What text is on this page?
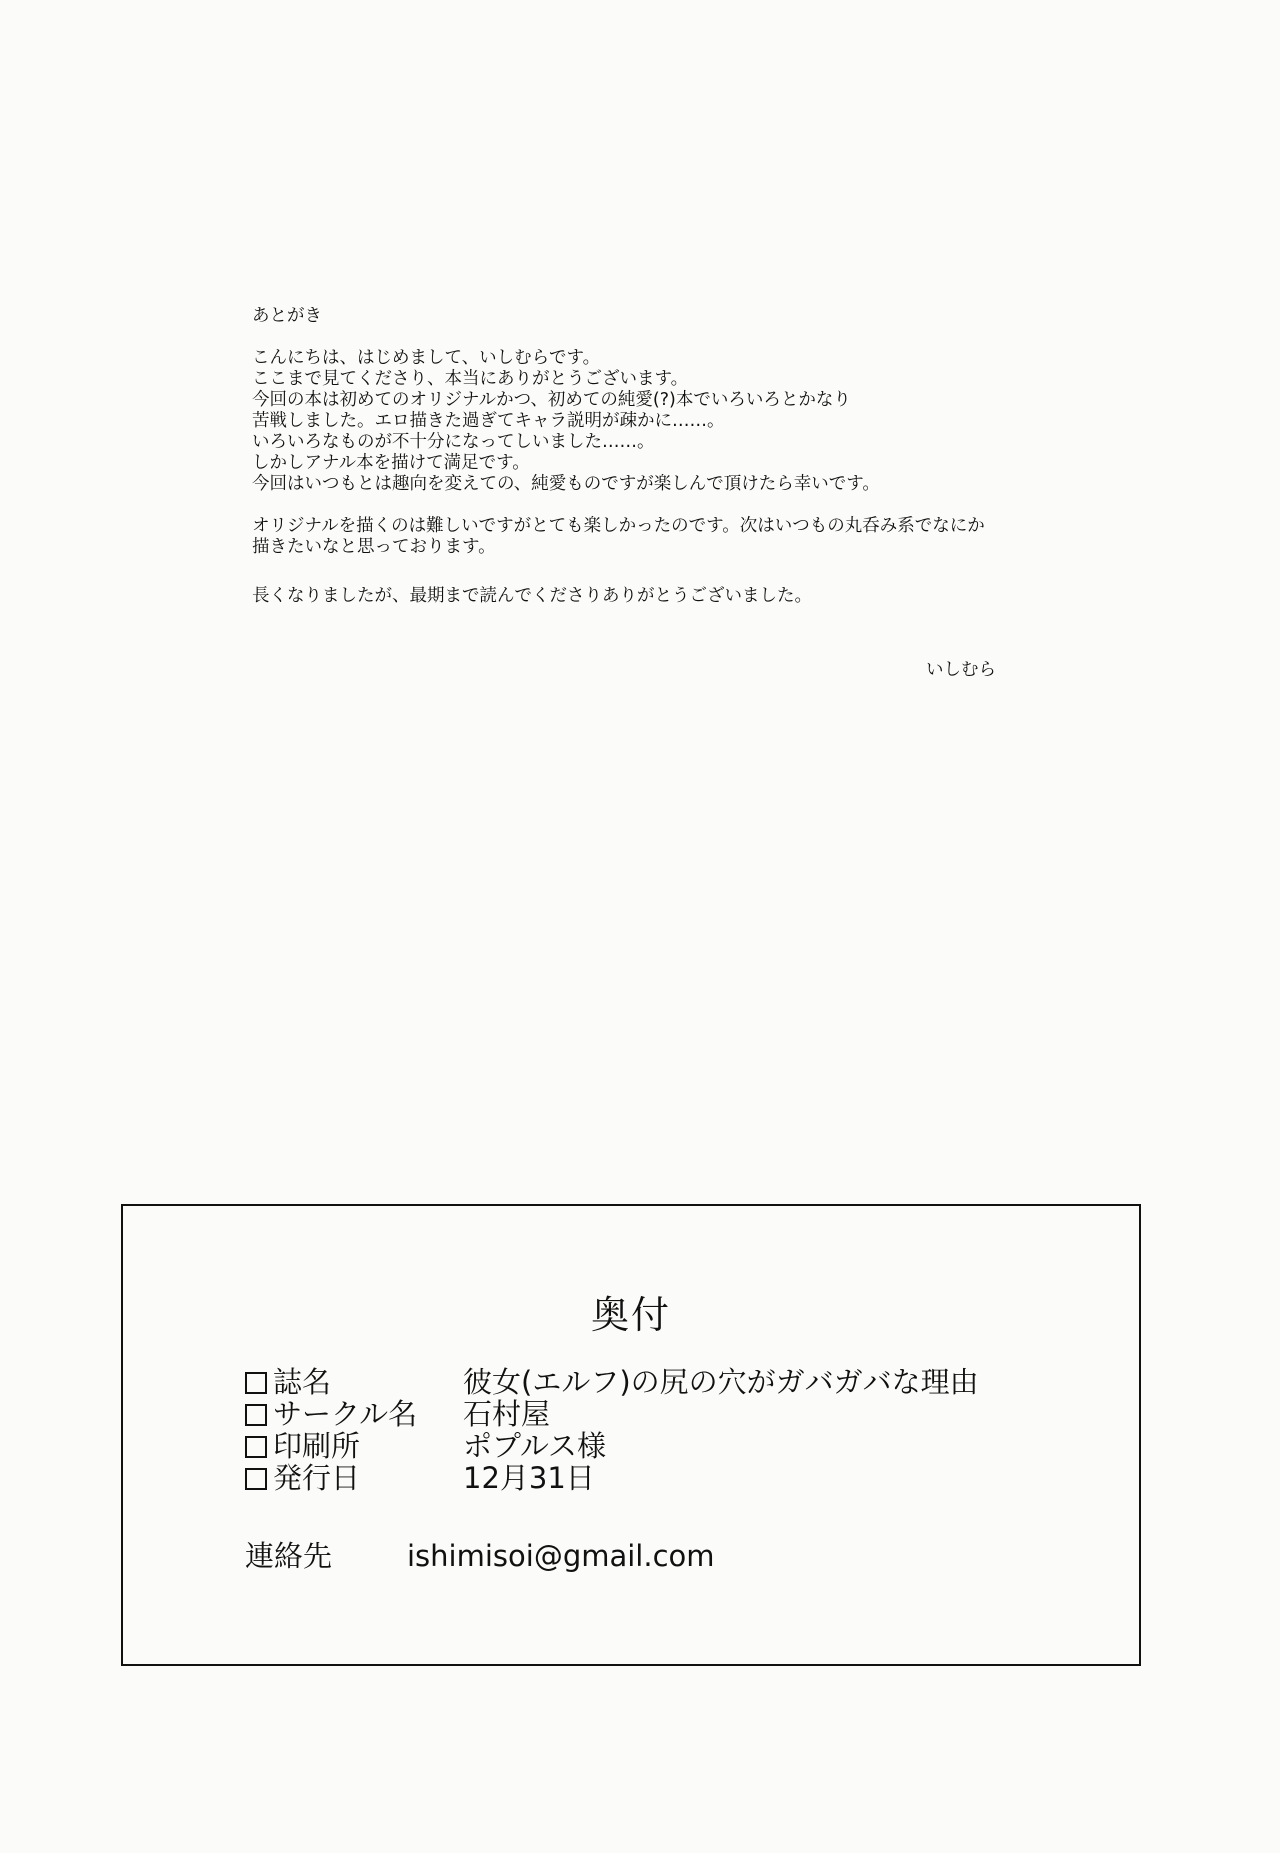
あとがき
こんにちは、はじめまして、いしむらです。
ここまで見てくださり、本当にありがとうございます。
今回の本は初めてのオリジナルかつ、初めての純愛(?)本でいろいろとかなり
苦戦しました。エロ描きた過ぎてキャラ説明が疎かに……。
いろいろなものが不十分になってしいました……。
しかしアナル本を描けて満足です。
今回はいつもとは趣向を変えての、純愛ものですが楽しんで頂けたら幸いです。
オリジナルを描くのは難しいですがとても楽しかったのです。次はいつもの丸呑み系でなにか
描きたいなと思っております。
長くなりましたが、最期まで読んでくださりありがとうございました。
いしむら
奥付
誌名	彼女(エルフ)の尻の穴がガバガバな理由
サークル名	石村屋
印刷所	ポプルス様
発行日	12月31日
連絡先	ishimisoi@gmail.com
